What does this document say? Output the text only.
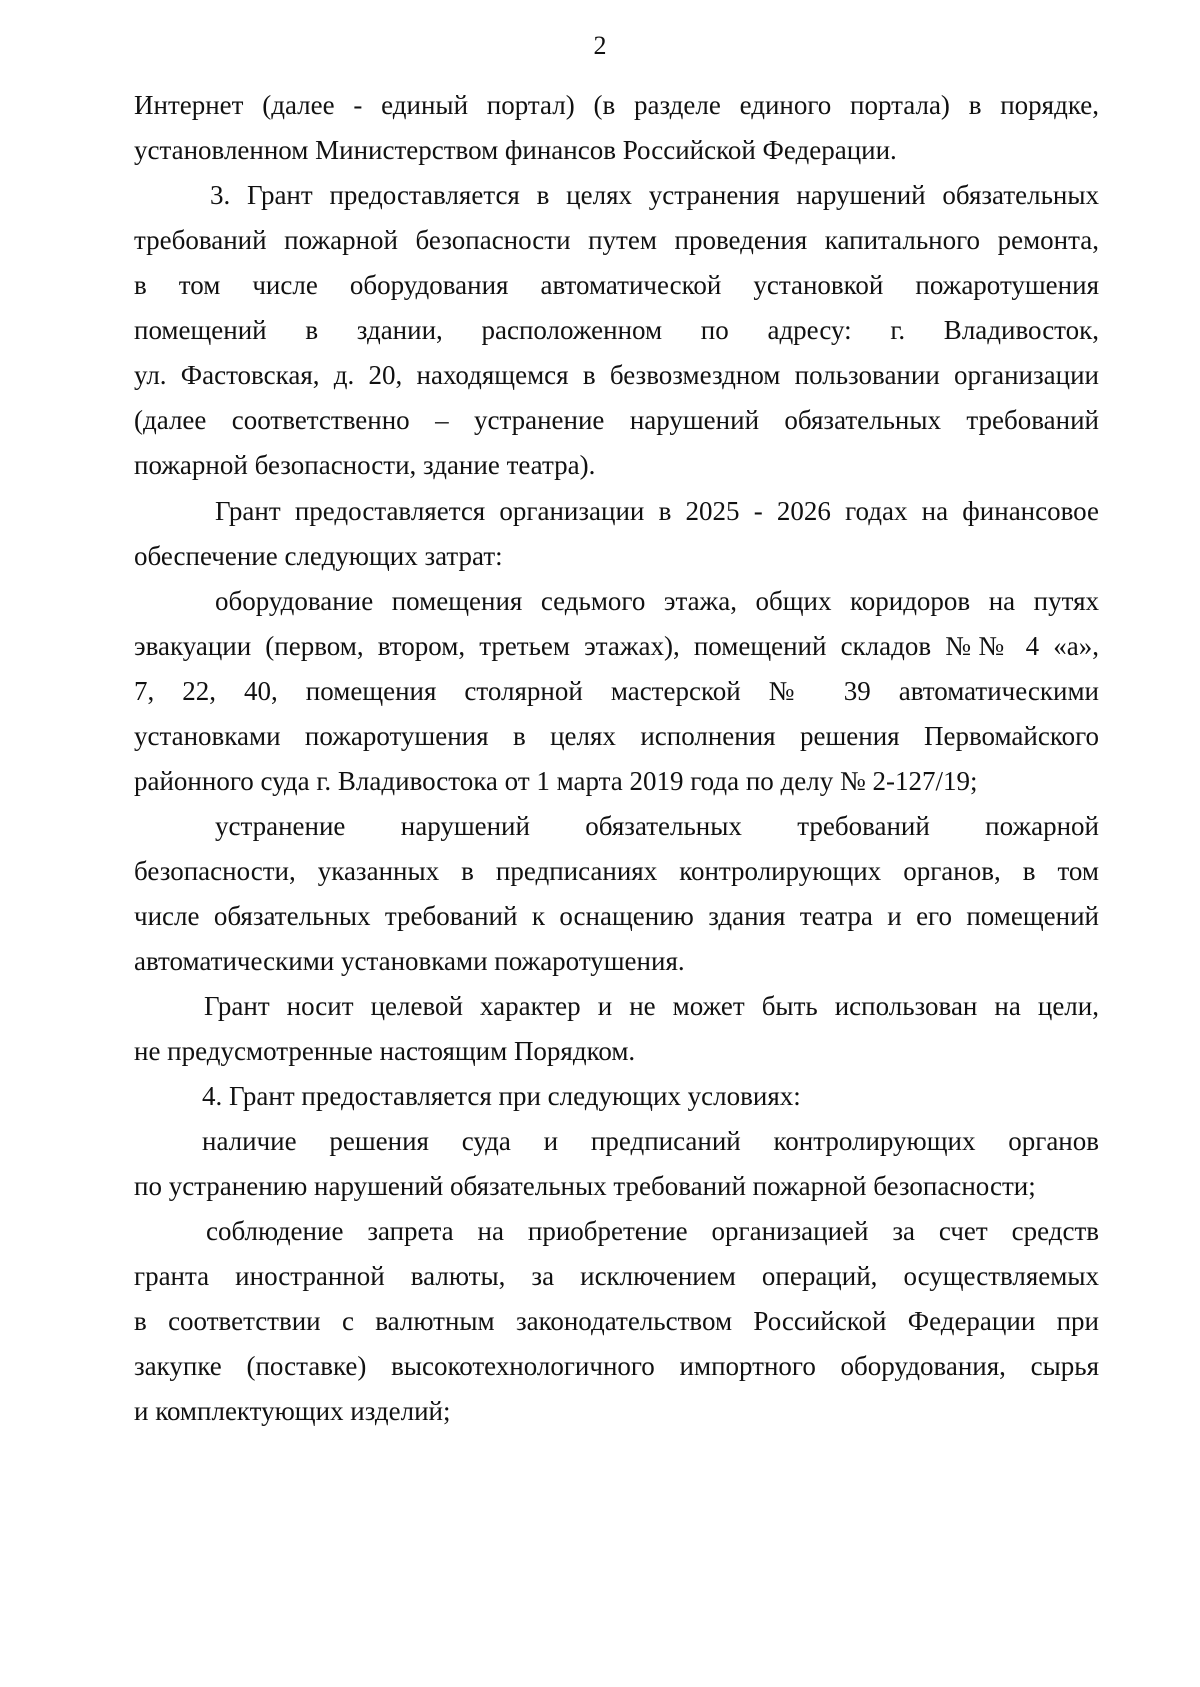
2
Интернет (далее - единый портал) (в разделе единого портала) в порядке,
установленном Министерством финансов Российской Федерации.
3. Грант предоставляется в целях устранения нарушений обязательных
требований пожарной безопасности путем проведения капитального ремонта,
в том числе оборудования автоматической установкой пожаротушения
помещений в здании, расположенном по адресу: г. Владивосток,
ул. Фастовская, д. 20, находящемся в безвозмездном пользовании организации
(далее соответственно – устранение нарушений обязательных требований
пожарной безопасности, здание театра).
Грант предоставляется организации в 2025 - 2026 годах на финансовое
обеспечение следующих затрат:
оборудование помещения седьмого этажа, общих коридоров на путях
эвакуации (первом, втором, третьем этажах), помещений складов №№ 4 «а»,
7, 22, 40, помещения столярной мастерской № 39 автоматическими
установками пожаротушения в целях исполнения решения Первомайского
районного суда г. Владивостока от 1 марта 2019 года по делу № 2-127/19;
устранение нарушений обязательных требований пожарной
безопасности, указанных в предписаниях контролирующих органов, в том
числе обязательных требований к оснащению здания театра и его помещений
автоматическими установками пожаротушения.
Грант носит целевой характер и не может быть использован на цели,
не предусмотренные настоящим Порядком.
4. Грант предоставляется при следующих условиях:
наличие решения суда и предписаний контролирующих органов
по устранению нарушений обязательных требований пожарной безопасности;
соблюдение запрета на приобретение организацией за счет средств
гранта иностранной валюты, за исключением операций, осуществляемых
в соответствии с валютным законодательством Российской Федерации при
закупке (поставке) высокотехнологичного импортного оборудования, сырья
и комплектующих изделий;
